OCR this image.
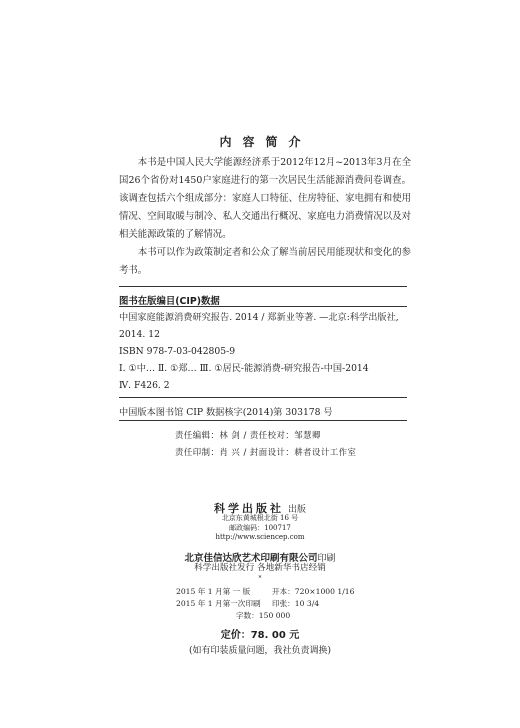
内容简介

本书是中国人民大学能源经济系于2012年12月~2013年3月在全国26个省份对1450户家庭进行的第一次居民生活能源消费问卷调查。该调查包括六个组成部分：家庭人口特征、住房特征、家电拥有和使用情况、空间取暖与制冷、私人交通出行概况、家庭电力消费情况以及对相关能源政策的了解情况。

本书可以作为政策制定者和公众了解当前居民用能现状和变化的参考书。

图书在版编目(CIP)数据
中国家庭能源消费研究报告. 2014 / 郑新业等著. —北京:科学出版社,
2014. 12
ISBN 978-7-03-042805-9
Ⅰ. ①中… Ⅱ. ①郑… Ⅲ. ①居民-能源消费-研究报告-中国-2014
Ⅳ. F426. 2
中国版本图书馆 CIP 数据核字(2014)第 303178 号
责任编辑：林 剑 / 责任校对：邹慧卿
责任印制：肖 兴 / 封面设计：耕者设计工作室
科学出版社 出版
北京东黄城根北街 16 号
邮政编码：100717
http://www.sciencep.com
北京佳信达欣艺术印刷有限公司印刷
科学出版社发行 各地新华书店经销
*
2015 年 1 月第 一 版	开本：720×1000 1/16
2015 年 1 月第一次印刷 印张：10 3/4
字数：150 000
定价：78. 00 元
(如有印装质量问题，我社负责调换)
